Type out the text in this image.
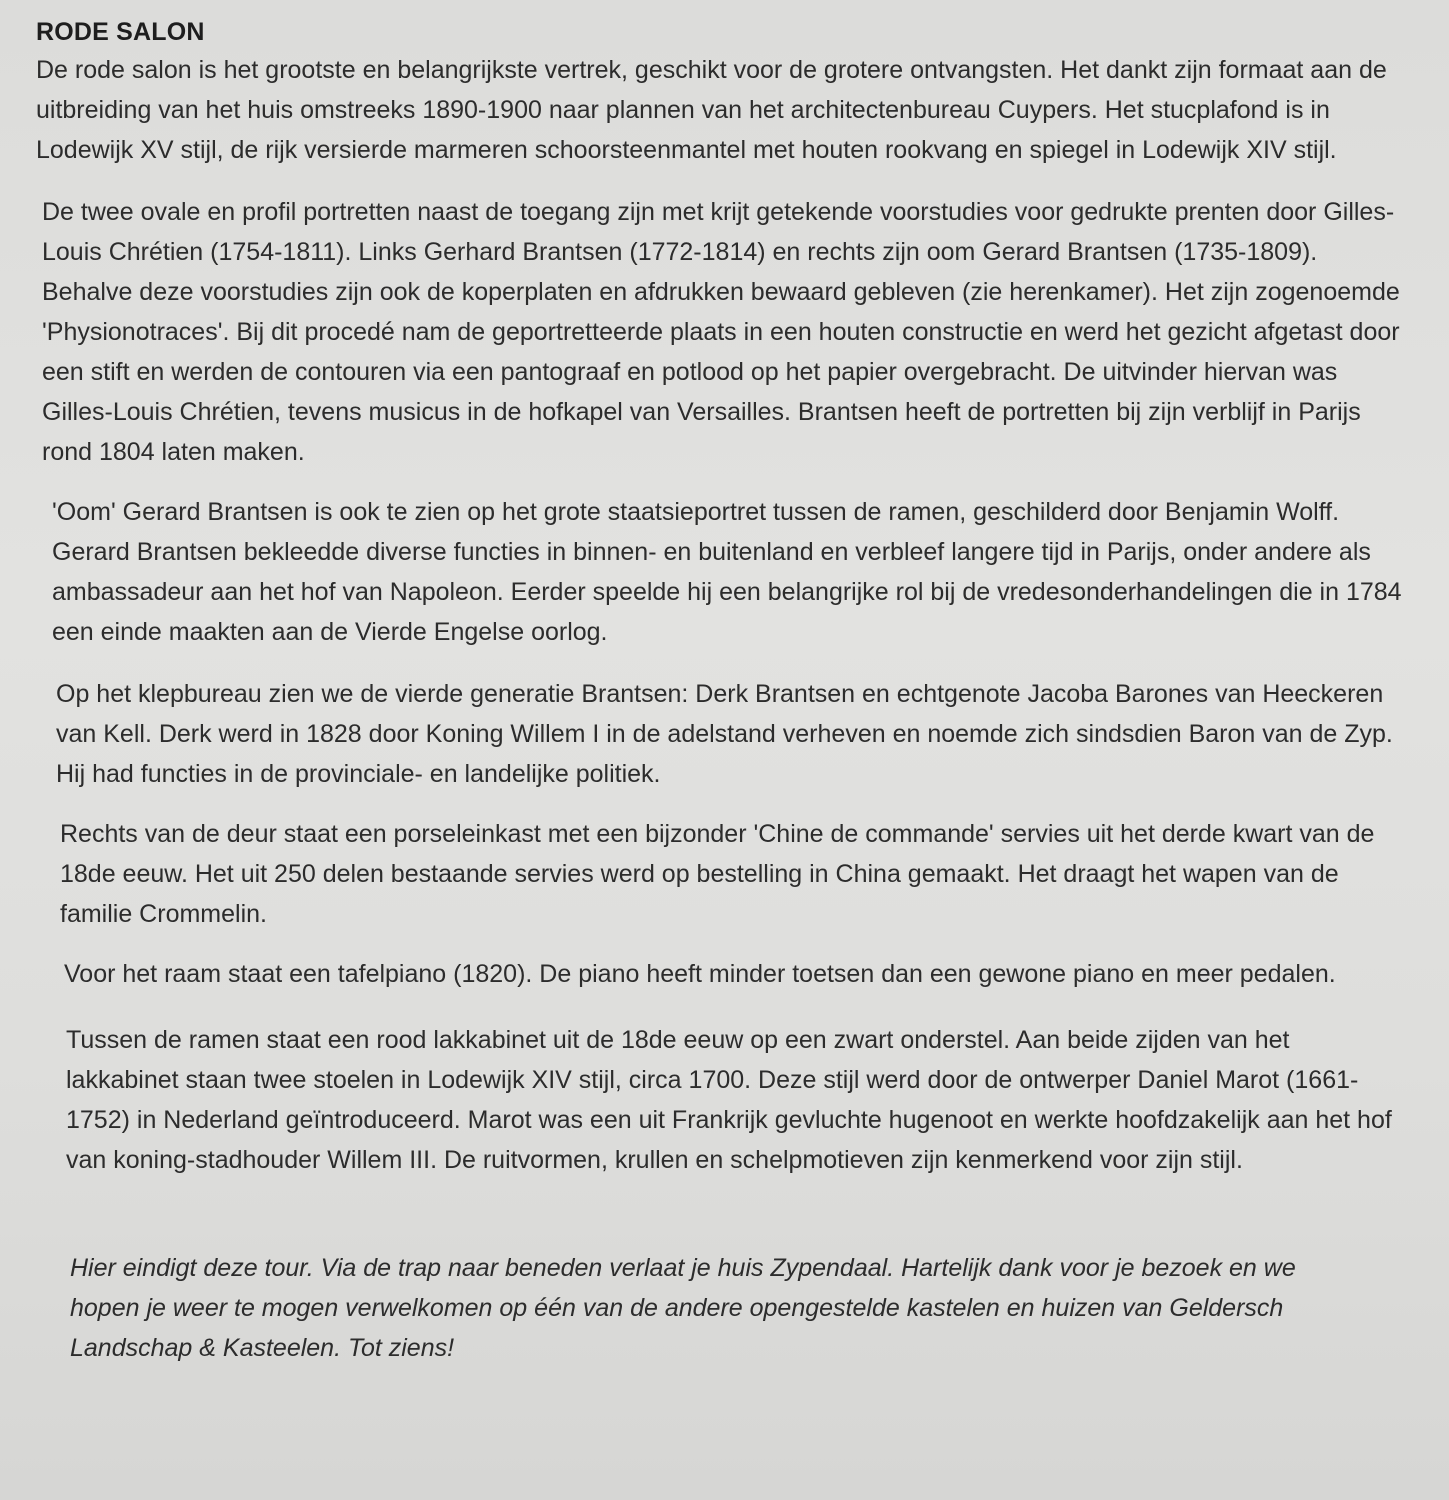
RODE SALON

De rode salon is het grootste en belangrijkste vertrek, geschikt voor de grotere ontvangsten. Het dankt zijn formaat aan de uitbreiding van het huis omstreeks 1890-1900 naar plannen van het architectenbureau Cuypers. Het stucplafond is in Lodewijk XV stijl, de rijk versierde marmeren schoorsteenmantel met houten rookvang en spiegel in Lodewijk XIV stijl.

De twee ovale en profil portretten naast de toegang zijn met krijt getekende voorstudies voor gedrukte prenten door Gilles-Louis Chrétien (1754-1811). Links Gerhard Brantsen (1772-1814) en rechts zijn oom Gerard Brantsen (1735-1809). Behalve deze voorstudies zijn ook de koperplaten en afdrukken bewaard gebleven (zie herenkamer). Het zijn zogenoemde 'Physionotraces'. Bij dit procedé nam de geportretteerde plaats in een houten constructie en werd het gezicht afgetast door een stift en werden de contouren via een pantograaf en potlood op het papier overgebracht. De uitvinder hiervan was Gilles-Louis Chrétien, tevens musicus in de hofkapel van Versailles. Brantsen heeft de portretten bij zijn verblijf in Parijs rond 1804 laten maken.

'Oom' Gerard Brantsen is ook te zien op het grote staatsieportret tussen de ramen, geschilderd door Benjamin Wolff. Gerard Brantsen bekleedde diverse functies in binnen- en buitenland en verbleef langere tijd in Parijs, onder andere als ambassadeur aan het hof van Napoleon. Eerder speelde hij een belangrijke rol bij de vredesonderhandelingen die in 1784 een einde maakten aan de Vierde Engelse oorlog.

Op het klepbureau zien we de vierde generatie Brantsen: Derk Brantsen en echtgenote Jacoba Barones van Heeckeren van Kell. Derk werd in 1828 door Koning Willem I in de adelstand verheven en noemde zich sindsdien Baron van de Zyp. Hij had functies in de provinciale- en landelijke politiek.

Rechts van de deur staat een porseleinkast met een bijzonder 'Chine de commande' servies uit het derde kwart van de 18de eeuw. Het uit 250 delen bestaande servies werd op bestelling in China gemaakt. Het draagt het wapen van de familie Crommelin.

Voor het raam staat een tafelpiano (1820). De piano heeft minder toetsen dan een gewone piano en meer pedalen.

Tussen de ramen staat een rood lakkabinet uit de 18de eeuw op een zwart onderstel. Aan beide zijden van het lakkabinet staan twee stoelen in Lodewijk XIV stijl, circa 1700. Deze stijl werd door de ontwerper Daniel Marot (1661-1752) in Nederland geïntroduceerd. Marot was een uit Frankrijk gevluchte hugenoot en werkte hoofdzakelijk aan het hof van koning-stadhouder Willem III. De ruitvormen, krullen en schelpmotieven zijn kenmerkend voor zijn stijl.

Hier eindigt deze tour. Via de trap naar beneden verlaat je huis Zypendaal. Hartelijk dank voor je bezoek en we hopen je weer te mogen verwelkomen op één van de andere opengestelde kastelen en huizen van Geldersch Landschap & Kasteelen. Tot ziens!
